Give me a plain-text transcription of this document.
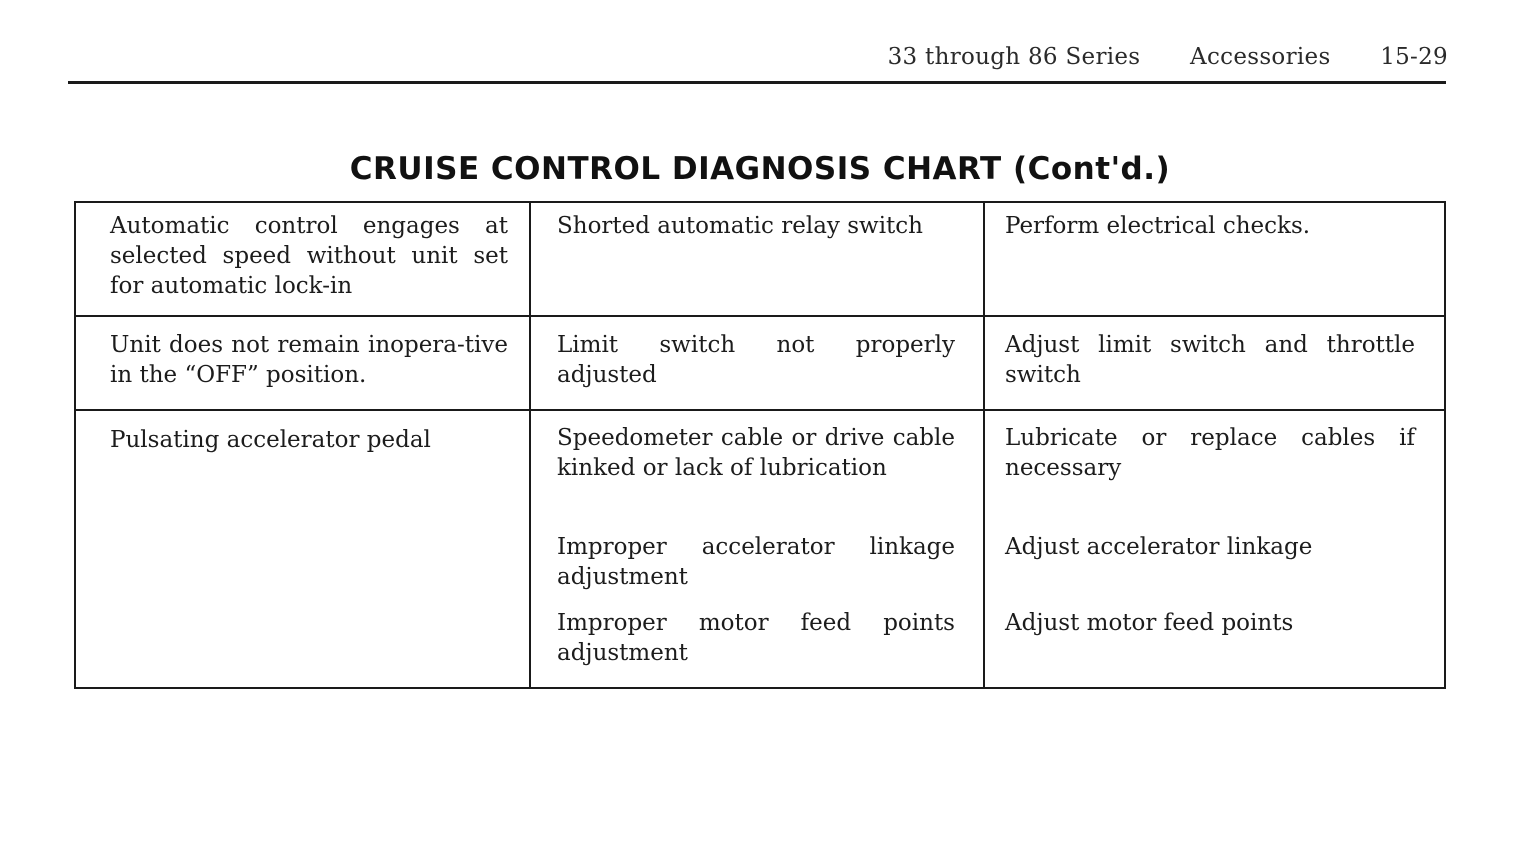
33 through 86 Series Accessories 15-29
CRUISE CONTROL DIAGNOSIS CHART (Cont'd.)
Automatic control engages at selected speed without unit set for automatic lock-in
Shorted automatic relay switch	Perform electrical checks.
Unit does not remain inopera-tive in the “OFF” position.
Limit switch not properly adjusted
Adjust limit switch and throttle switch
Pulsating accelerator pedal	Speedometer cable or drive cable kinked or lack of lubrication
Lubricate or replace cables if necessary
Improper accelerator linkage adjustment
Adjust accelerator linkage
Improper motor feed points adjustment
Adjust motor feed points
